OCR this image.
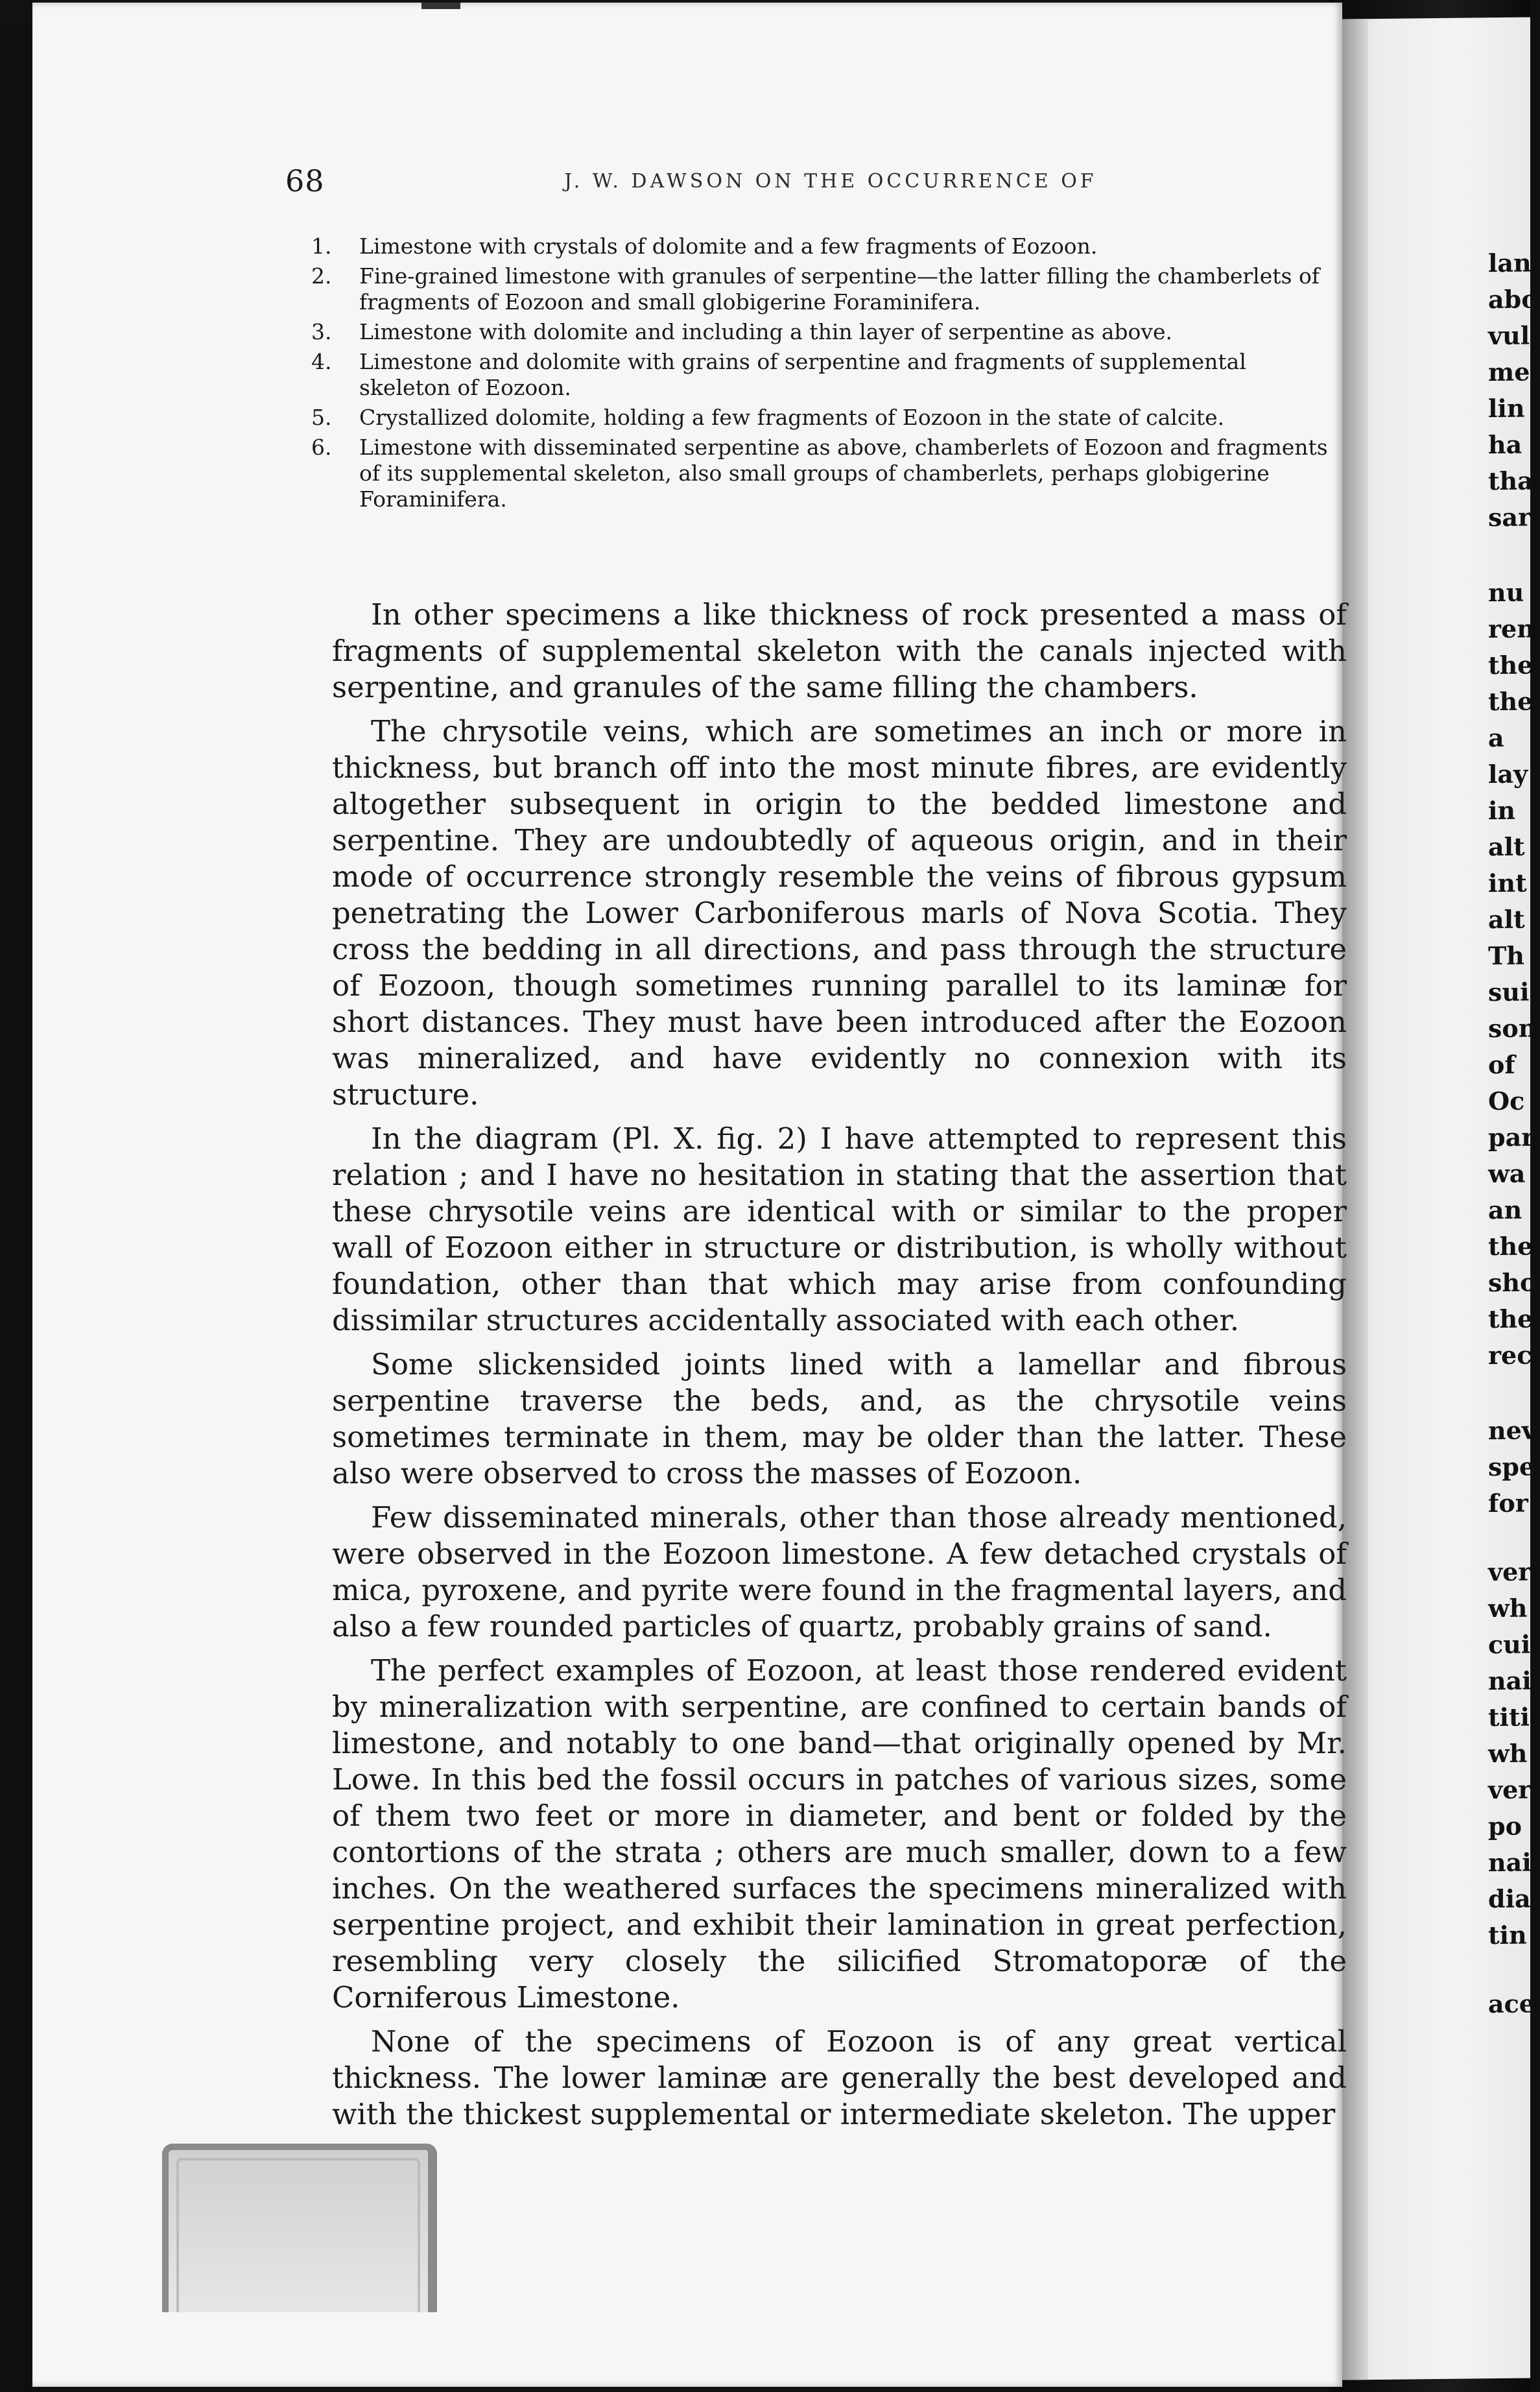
lan
abo
vul
me
lin
ha
tha
sar
nu
ren
the
the
a
lay
in
alt
int
alt
Th
sui
son
of
Oc
par
wa
an
the
sho
the
rec
nev
spe
for
ver
wh
cui
nai
titi
wh
ver
po
nai
dia
tin
ace
68	J. W. DAWSON ON THE OCCURRENCE OF
1.	Limestone with crystals of dolomite and a few fragments of Eozoon.
2.	Fine-grained limestone with granules of serpentine—the latter filling the chamberlets of fragments of Eozoon and small globigerine Foraminifera.
3.	Limestone with dolomite and including a thin layer of serpentine as above.
4.	Limestone and dolomite with grains of serpentine and fragments of supplemental skeleton of Eozoon.
5.	Crystallized dolomite, holding a few fragments of Eozoon in the state of calcite.
6.	Limestone with disseminated serpentine as above, chamberlets of Eozoon and fragments of its supplemental skeleton, also small groups of chamberlets, perhaps globigerine Foraminifera.

In other specimens a like thickness of rock presented a mass of fragments of supplemental skeleton with the canals injected with serpentine, and granules of the same filling the chambers.

The chrysotile veins, which are sometimes an inch or more in thickness, but branch off into the most minute fibres, are evidently altogether subsequent in origin to the bedded limestone and serpentine. They are undoubtedly of aqueous origin, and in their mode of occurrence strongly resemble the veins of fibrous gypsum penetrating the Lower Carboniferous marls of Nova Scotia. They cross the bedding in all directions, and pass through the structure of Eozoon, though sometimes running parallel to its laminæ for short distances. They must have been introduced after the Eozoon was mineralized, and have evidently no connexion with its structure.

In the diagram (Pl. X. fig. 2) I have attempted to represent this relation ; and I have no hesitation in stating that the assertion that these chrysotile veins are identical with or similar to the proper wall of Eozoon either in structure or distribution, is wholly without foundation, other than that which may arise from confounding dissimilar structures accidentally associated with each other.

Some slickensided joints lined with a lamellar and fibrous serpentine traverse the beds, and, as the chrysotile veins sometimes terminate in them, may be older than the latter. These also were observed to cross the masses of Eozoon.

Few disseminated minerals, other than those already mentioned, were observed in the Eozoon limestone. A few detached crystals of mica, pyroxene, and pyrite were found in the fragmental layers, and also a few rounded particles of quartz, probably grains of sand.

The perfect examples of Eozoon, at least those rendered evident by mineralization with serpentine, are confined to certain bands of limestone, and notably to one band—that originally opened by Mr. Lowe. In this bed the fossil occurs in patches of various sizes, some of them two feet or more in diameter, and bent or folded by the contortions of the strata ; others are much smaller, down to a few inches. On the weathered surfaces the specimens mineralized with serpentine project, and exhibit their lamination in great perfection, resembling very closely the silicified Stromatoporæ of the Corniferous Limestone.

None of the specimens of Eozoon is of any great vertical thickness. The lower laminæ are generally the best developed and with the thickest supplemental or intermediate skeleton. The upper
